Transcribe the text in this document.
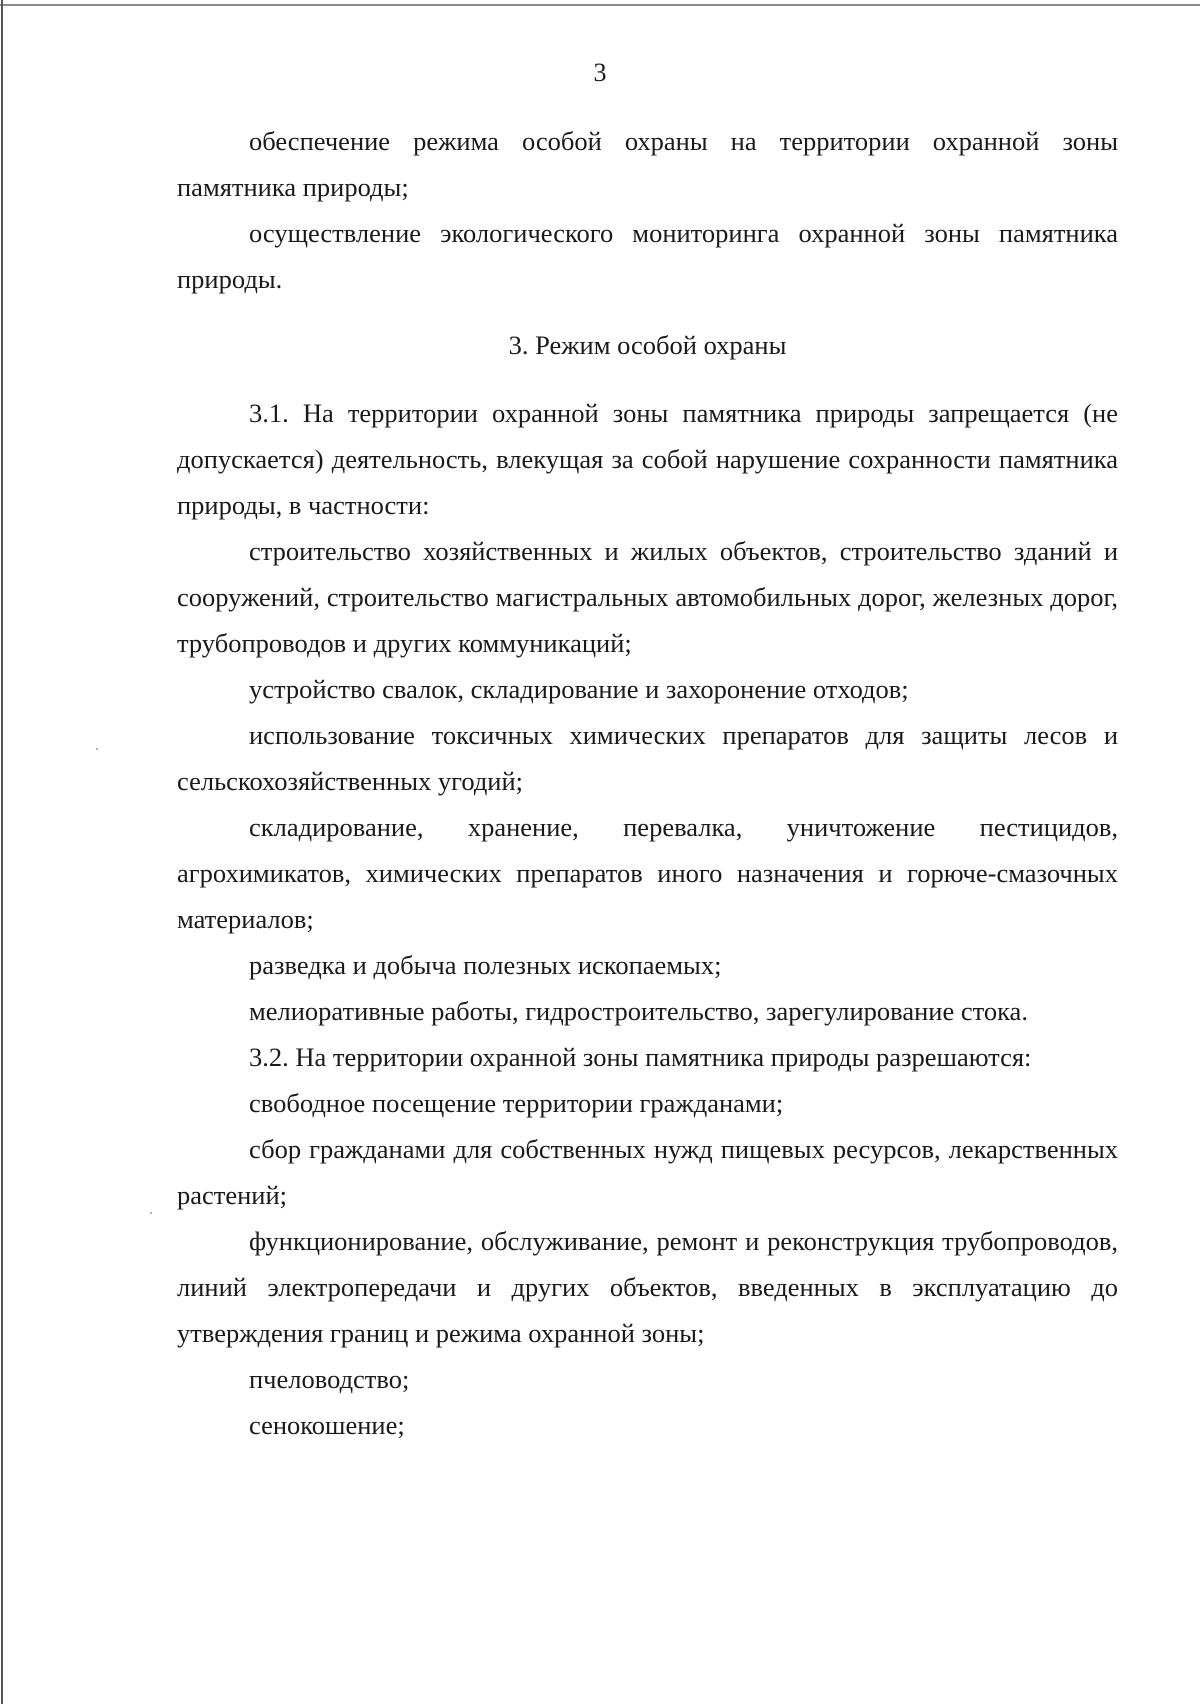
3

обеспечение режима особой охраны на территории охранной зоны памятника природы;

осуществление экологического мониторинга охранной зоны памятника природы.

3. Режим особой охраны

3.1. На территории охранной зоны памятника природы запрещается (не допускается) деятельность, влекущая за собой нарушение сохранности памятника природы, в частности:

строительство хозяйственных и жилых объектов, строительство зданий и сооружений, строительство магистральных автомобильных дорог, железных дорог, трубопроводов и других коммуникаций;

устройство свалок, складирование и захоронение отходов;

использование токсичных химических препаратов для защиты лесов и сельскохозяйственных угодий;

складирование, хранение, перевалка, уничтожение пестицидов, агрохимикатов, химических препаратов иного назначения и горюче-смазочных материалов;

разведка и добыча полезных ископаемых;

мелиоративные работы, гидростроительство, зарегулирование стока.

3.2. На территории охранной зоны памятника природы разрешаются:

свободное посещение территории гражданами;

сбор гражданами для собственных нужд пищевых ресурсов, лекарственных растений;

функционирование, обслуживание, ремонт и реконструкция трубопроводов, линий электропередачи и других объектов, введенных в эксплуатацию до утверждения границ и режима охранной зоны;

пчеловодство;

сенокошение;
